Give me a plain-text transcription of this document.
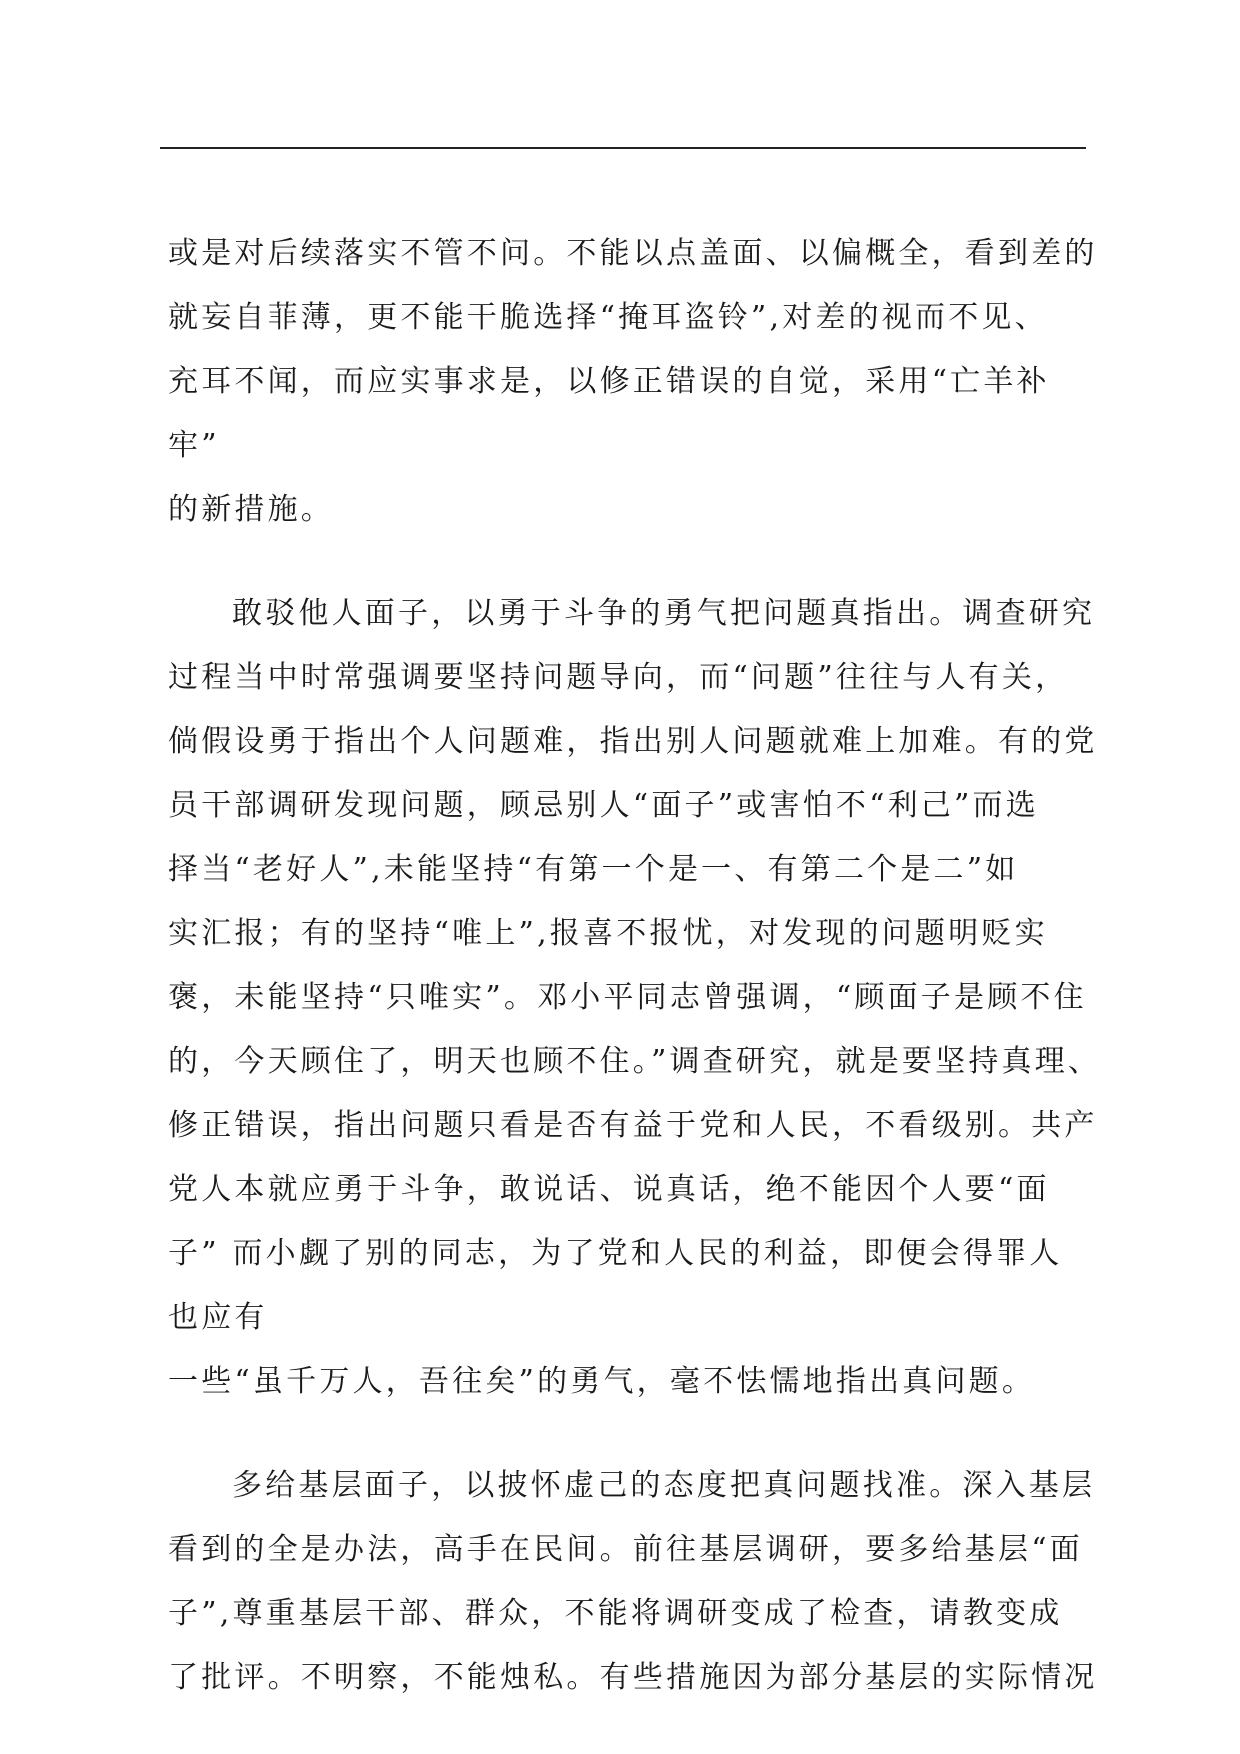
或是对后续落实不管不问。不能以点盖面、以偏概全，看到差的
就妄自菲薄，更不能干脆选择“掩耳盗铃”,对差的视而不见、
充耳不闻，而应实事求是，以修正错误的自觉，采用“亡羊补
牢”
的新措施。
敢驳他人面子，以勇于斗争的勇气把问题真指出。调查研究
过程当中时常强调要坚持问题导向，而“问题”往往与人有关，
倘假设勇于指出个人问题难，指出别人问题就难上加难。有的党
员干部调研发现问题，顾忌别人“面子”或害怕不“利己”而选
择当“老好人”,未能坚持“有第一个是一、有第二个是二”如
实汇报；有的坚持“唯上”,报喜不报忧，对发现的问题明贬实
褒，未能坚持“只唯实”。邓小平同志曾强调，“顾面子是顾不住
的，今天顾住了，明天也顾不住。”调查研究，就是要坚持真理、
修正错误，指出问题只看是否有益于党和人民，不看级别。共产
党人本就应勇于斗争，敢说话、说真话，绝不能因个人要“面
子” 而小觑了别的同志，为了党和人民的利益，即便会得罪人
也应有
一些“虽千万人，吾往矣”的勇气，毫不怯懦地指出真问题。
多给基层面子，以披怀虚己的态度把真问题找准。深入基层
看到的全是办法，高手在民间。前往基层调研，要多给基层“面
子”,尊重基层干部、群众，不能将调研变成了检查，请教变成
了批评。不明察，不能烛私。有些措施因为部分基层的实际情况
